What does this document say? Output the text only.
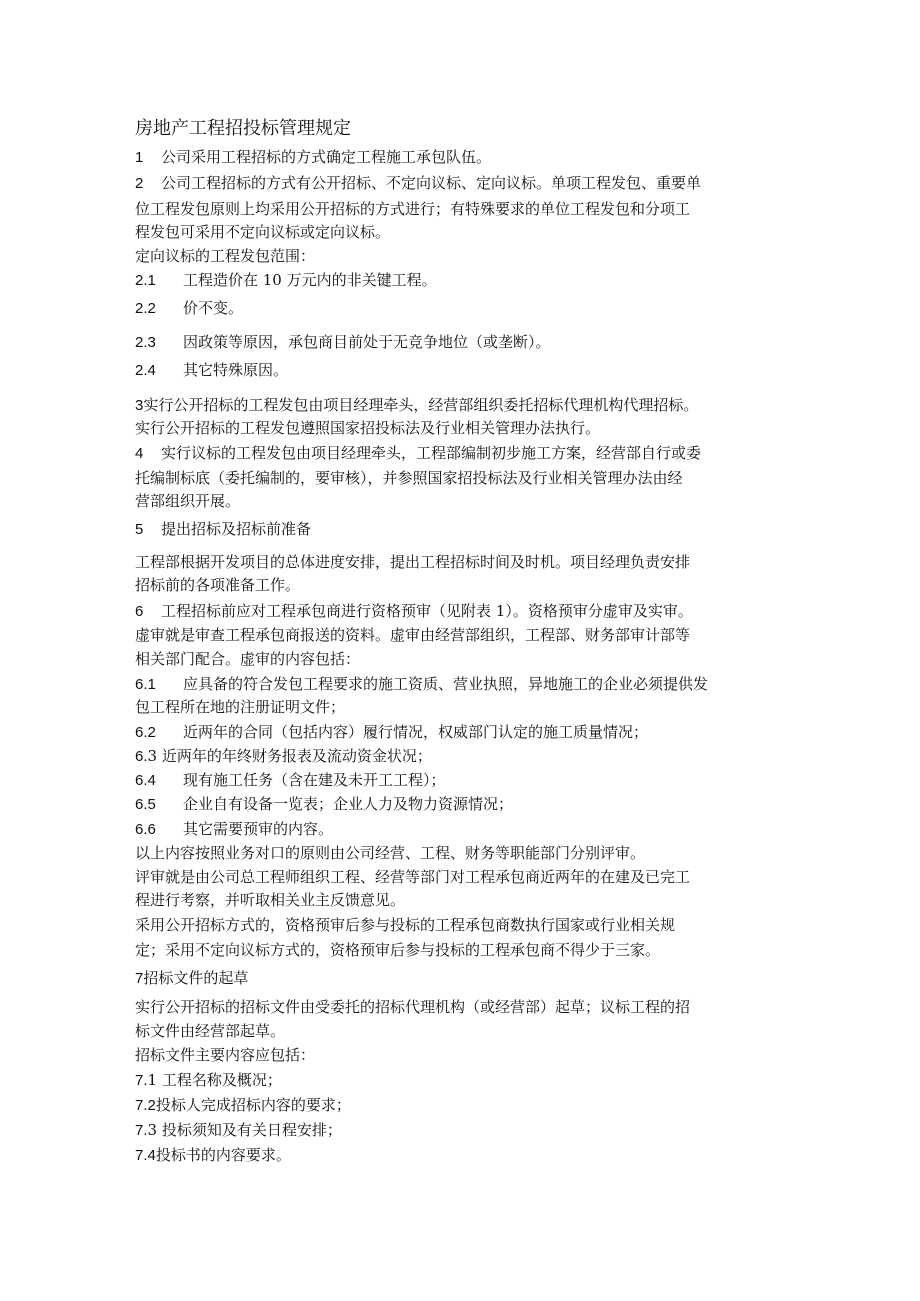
房地产工程招投标管理规定

1 公司采用工程招标的方式确定工程施工承包队伍。

2 公司工程招标的方式有公开招标、不定向议标、定向议标。单项工程发包、重要单

位工程发包原则上均采用公开招标的方式进行；有特殊要求的单位工程发包和分项工

程发包可采用不定向议标或定向议标。

定向议标的工程发包范围：

2.1 工程造价在 10 万元内的非关键工程。

2.2 价不变。

2.3 因政策等原因，承包商目前处于无竞争地位（或垄断）。

2.4 其它特殊原因。

3实行公开招标的工程发包由项目经理牵头，经营部组织委托招标代理机构代理招标。

实行公开招标的工程发包遵照国家招投标法及行业相关管理办法执行。

4 实行议标的工程发包由项目经理牵头，工程部编制初步施工方案，经营部自行或委

托编制标底（委托编制的，要审核），并参照国家招投标法及行业相关管理办法由经

营部组织开展。

5 提出招标及招标前准备

工程部根据开发项目的总体进度安排，提出工程招标时间及时机。项目经理负责安排

招标前的各项准备工作。

6 工程招标前应对工程承包商进行资格预审（见附表 1）。资格预审分虚审及实审。

虚审就是审查工程承包商报送的资料。虚审由经营部组织，工程部、财务部审计部等

相关部门配合。虚审的内容包括：

6.1 应具备的符合发包工程要求的施工资质、营业执照，异地施工的企业必须提供发

包工程所在地的注册证明文件；

6.2 近两年的合同（包括内容）履行情况，权威部门认定的施工质量情况；

6.3 近两年的年终财务报表及流动资金状况；

6.4 现有施工任务（含在建及未开工工程）；

6.5 企业自有设备一览表；企业人力及物力资源情况；

6.6 其它需要预审的内容。

以上内容按照业务对口的原则由公司经营、工程、财务等职能部门分别评审。

评审就是由公司总工程师组织工程、经营等部门对工程承包商近两年的在建及已完工

程进行考察，并听取相关业主反馈意见。

采用公开招标方式的，资格预审后参与投标的工程承包商数执行国家或行业相关规

定；采用不定向议标方式的，资格预审后参与投标的工程承包商不得少于三家。

7招标文件的起草

实行公开招标的招标文件由受委托的招标代理机构（或经营部）起草；议标工程的招

标文件由经营部起草。

招标文件主要内容应包括：

7.1 工程名称及概况；

7.2投标人完成招标内容的要求；

7.3 投标须知及有关日程安排；

7.4投标书的内容要求。
